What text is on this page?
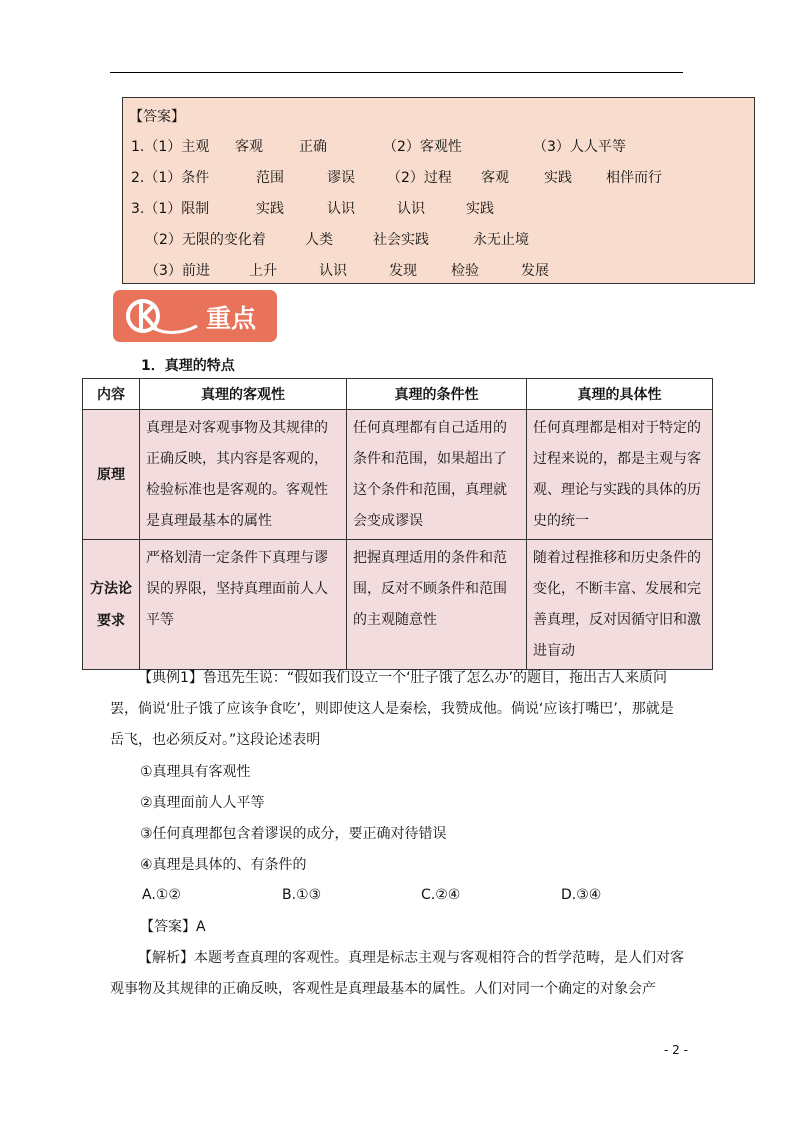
【答案】
1.（1）主观 客观	正确	（2）客观性	（3）人人平等
2.（1）条件	范围	谬误 （2）过程 客观	实践 相伴而行
3.（1）限制	实践	认识	认识	实践
（2）无限的变化着	人类	社会实践	永无止境
（3）前进	上升	认识	发现 检验	发展
重点
1．真理的特点
内容	真理的客观性	真理的条件性	真理的具体性
原理	真理是对客观事物及其规律的正确反映，其内容是客观的，检验标准也是客观的。客观性是真理最基本的属性	任何真理都有自己适用的条件和范围，如果超出了这个条件和范围，真理就会变成谬误	任何真理都是相对于特定的过程来说的，都是主观与客观、理论与实践的具体的历史的统一
方法论要求	严格划清一定条件下真理与谬误的界限，坚持真理面前人人平等	把握真理适用的条件和范围，反对不顾条件和范围的主观随意性	随着过程推移和历史条件的变化，不断丰富、发展和完善真理，反对因循守旧和激进盲动
【典例1】鲁迅先生说：“假如我们设立一个‘肚子饿了怎么办’的题目，拖出古人来质问罢，倘说‘肚子饿了应该争食吃’，则即使这人是秦桧，我赞成他。倘说‘应该打嘴巴’，那就是岳飞，也必须反对。”这段论述表明
①真理具有客观性
②真理面前人人平等
③任何真理都包含着谬误的成分，要正确对待错误
④真理是具体的、有条件的
A.①②	B.①③	C.②④	D.③④
【答案】A
【解析】本题考查真理的客观性。真理是标志主观与客观相符合的哲学范畴，是人们对客观事物及其规律的正确反映，客观性是真理最基本的属性。人们对同一个确定的对象会产
- 2 -
